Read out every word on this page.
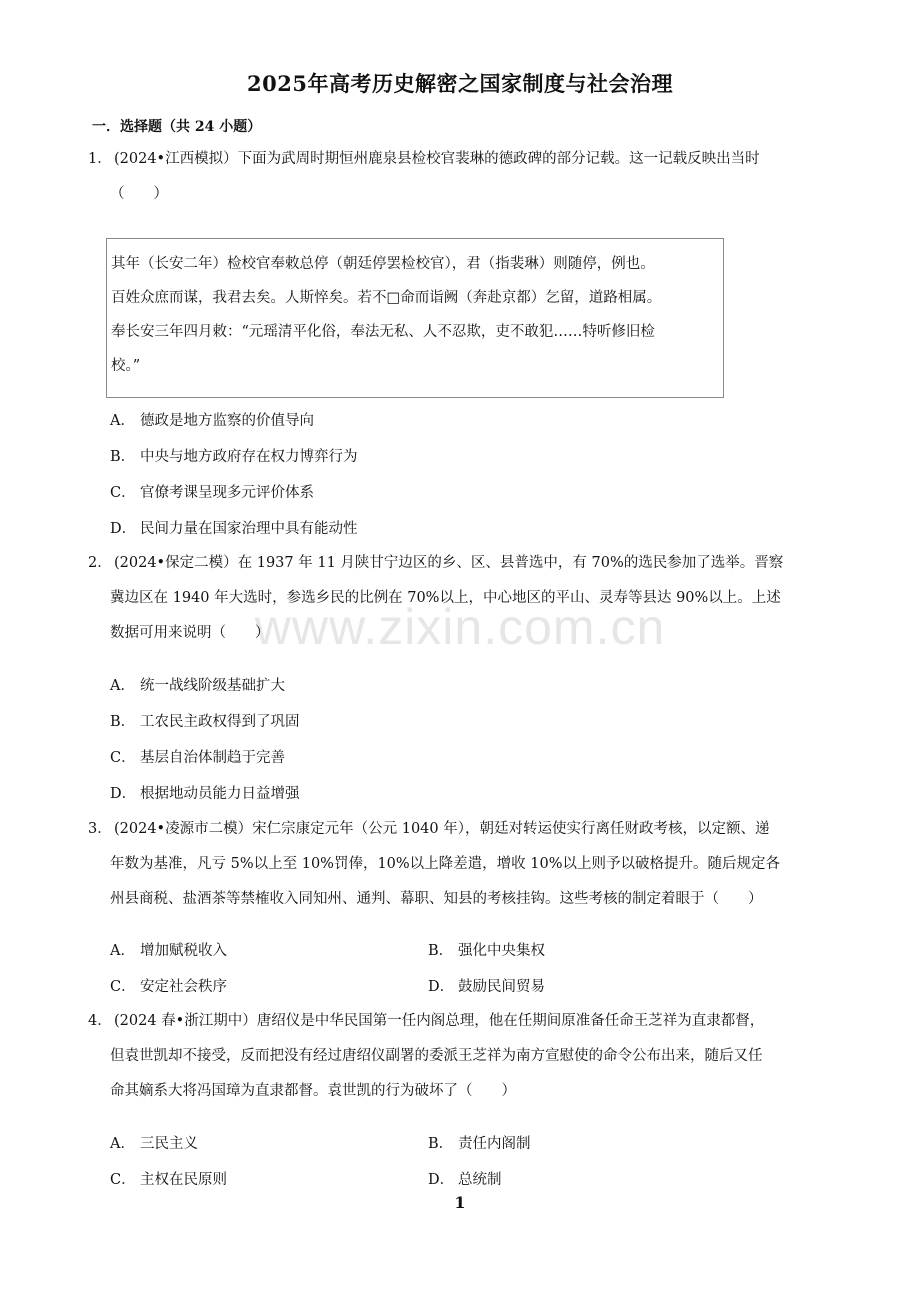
www.zixin.com.cn
2025年高考历史解密之国家制度与社会治理
一．选择题（共 24 小题）
1． (2024•江西模拟）下面为武周时期恒州鹿泉县检校官裴琳的德政碑的部分记载。这一记载反映出当时
（　　）
其年（长安二年）检校官奉敕总停（朝廷停罢检校官），君（指裴琳）则随停，例也。
百姓众庶而谋，我君去矣。人斯悴矣。若不□命而诣阙（奔赴京都）乞留，道路相属。
奉长安三年四月敕：“元瑶清平化俗，奉法无私、人不忍欺，吏不敢犯……特听修旧检
校。”
A． 德政是地方监察的价值导向
B． 中央与地方政府存在权力博弈行为
C． 官僚考课呈现多元评价体系
D． 民间力量在国家治理中具有能动性
2． (2024•保定二模）在 1937 年 11 月陕甘宁边区的乡、区、县普选中，有 70%的选民参加了选举。晋察
冀边区在 1940 年大选时，参选乡民的比例在 70%以上，中心地区的平山、灵寿等县达 90%以上。上述
数据可用来说明（　　）
A． 统一战线阶级基础扩大
B． 工农民主政权得到了巩固
C． 基层自治体制趋于完善
D． 根据地动员能力日益增强
3． (2024•凌源市二模）宋仁宗康定元年（公元 1040 年），朝廷对转运使实行离任财政考核，以定额、递
年数为基准，凡亏 5%以上至 10%罚俸，10%以上降差遣，增收 10%以上则予以破格提升。随后规定各
州县商税、盐酒茶等禁榷收入同知州、通判、幕职、知县的考核挂钩。这些考核的制定着眼于（　　）
A． 增加赋税收入	B． 强化中央集权
C． 安定社会秩序	D． 鼓励民间贸易
4． (2024 春•浙江期中）唐绍仪是中华民国第一任内阁总理，他在任期间原准备任命王芝祥为直隶都督，
但袁世凯却不接受，反而把没有经过唐绍仪副署的委派王芝祥为南方宣慰使的命令公布出来，随后又任
命其嫡系大将冯国璋为直隶都督。袁世凯的行为破坏了（　　）
A． 三民主义	B． 责任内阁制
C． 主权在民原则	D． 总统制
1
